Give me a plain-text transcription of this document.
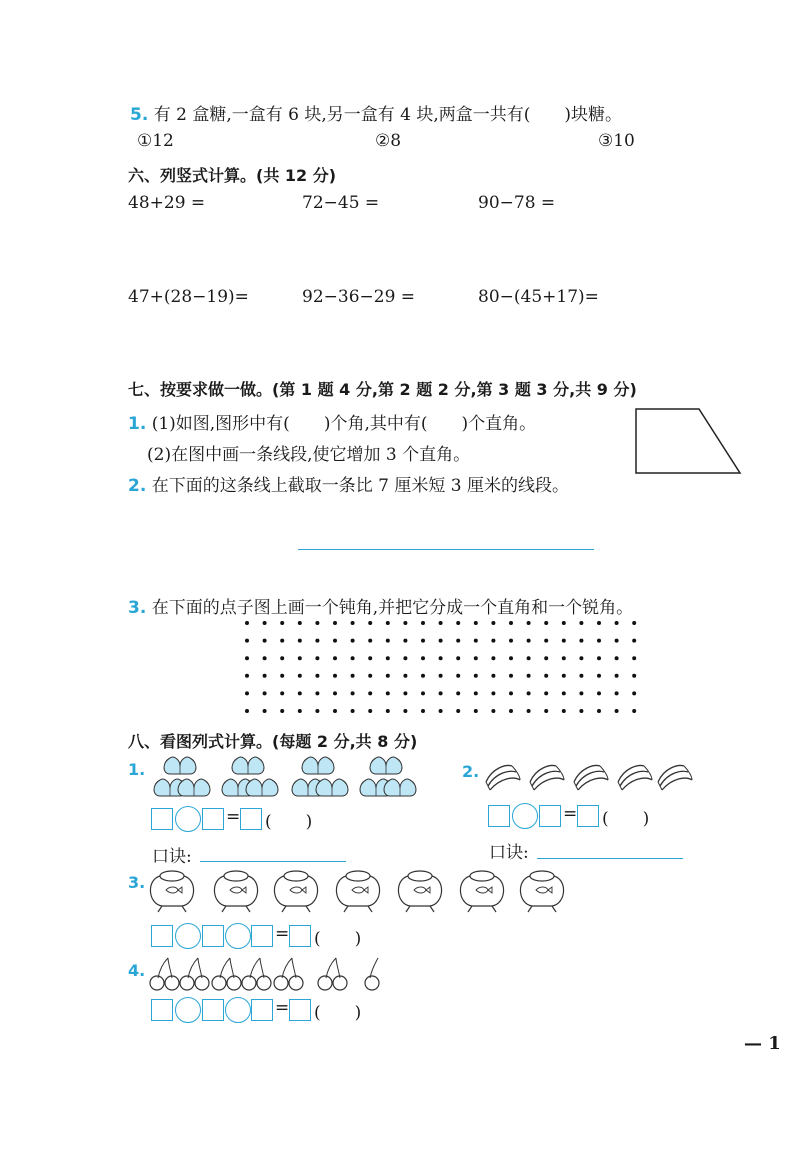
5. 有 2 盒糖,一盒有 6 块,另一盒有 4 块,两盒一共有(　　)块糖。
①12	②8	③10
六、列竖式计算。(共 12 分)
48+29 =	72−45 =	90−78 =
47+(28−19)=	92−36−29 =	80−(45+17)=
七、按要求做一做。(第 1 题 4 分,第 2 题 2 分,第 3 题 3 分,共 9 分)
1. (1)如图,图形中有(　　)个角,其中有(　　)个直角。
(2)在图中画一条线段,使它增加 3 个直角。
2. 在下面的这条线上截取一条比 7 厘米短 3 厘米的线段。
3. 在下面的点子图上画一个钝角,并把它分成一个直角和一个锐角。
八、看图列式计算。(每题 2 分,共 8 分)
1.
= (　　)
口诀:
2.
= (　　)
口诀:
3.
= (　　)
4.
= (　　)
— 1
